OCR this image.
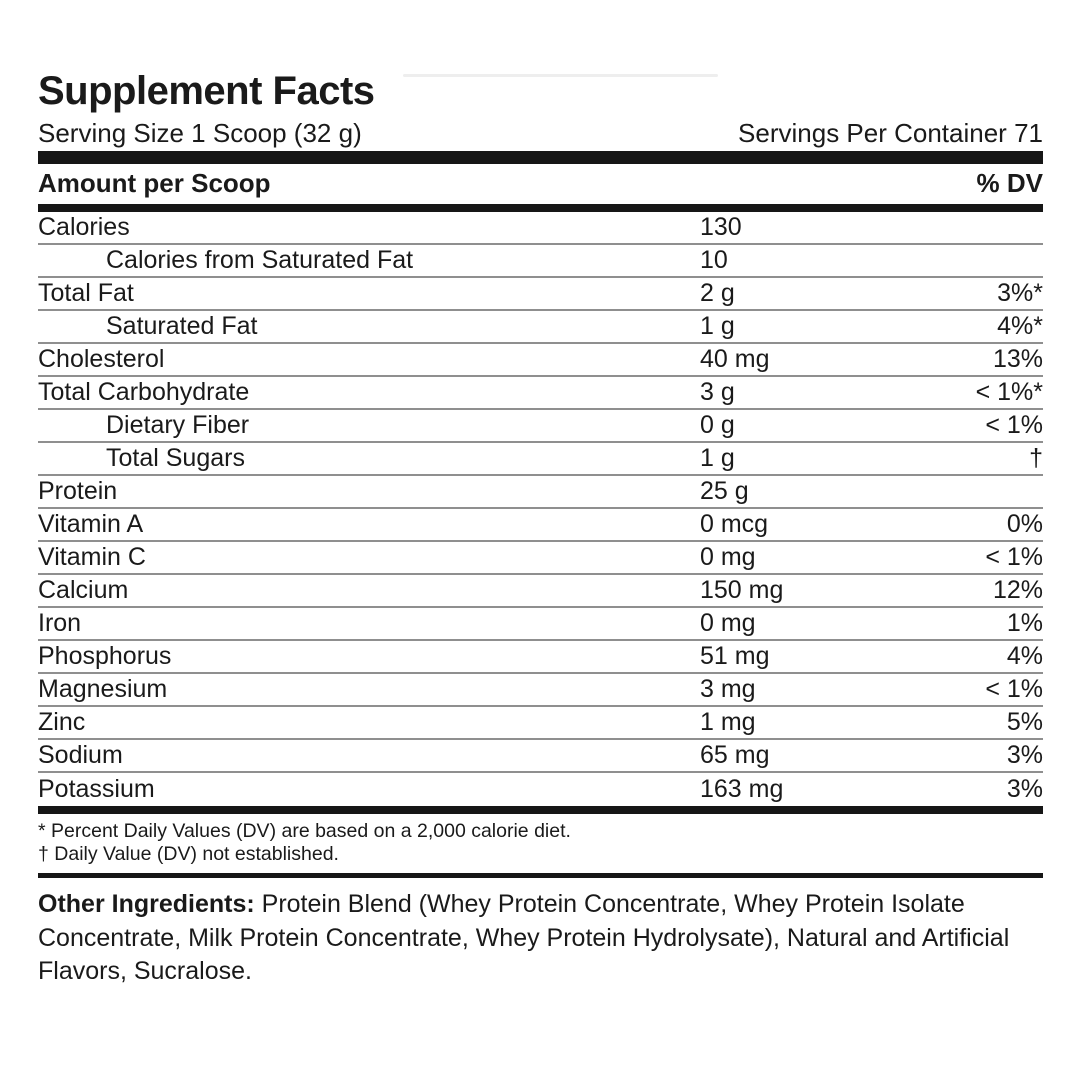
Supplement Facts
Serving Size 1 Scoop (32 g)	Servings Per Container 71
Amount per Scoop	% DV
Calories	130
Calories from Saturated Fat	10
Total Fat	2 g	3%*
Saturated Fat	1 g	4%*
Cholesterol	40 mg	13%
Total Carbohydrate	3 g	< 1%*
Dietary Fiber	0 g	< 1%
Total Sugars	1 g	†
Protein	25 g
Vitamin A	0 mcg	0%
Vitamin C	0 mg	< 1%
Calcium	150 mg	12%
Iron	0 mg	1%
Phosphorus	51 mg	4%
Magnesium	3 mg	< 1%
Zinc	1 mg	5%
Sodium	65 mg	3%
Potassium	163 mg	3%
* Percent Daily Values (DV) are based on a 2,000 calorie diet.
† Daily Value (DV) not established.

Other Ingredients: Protein Blend (Whey Protein Concentrate, Whey Protein Isolate Concentrate, Milk Protein Concentrate, Whey Protein Hydrolysate), Natural and Artificial Flavors, Sucralose.
